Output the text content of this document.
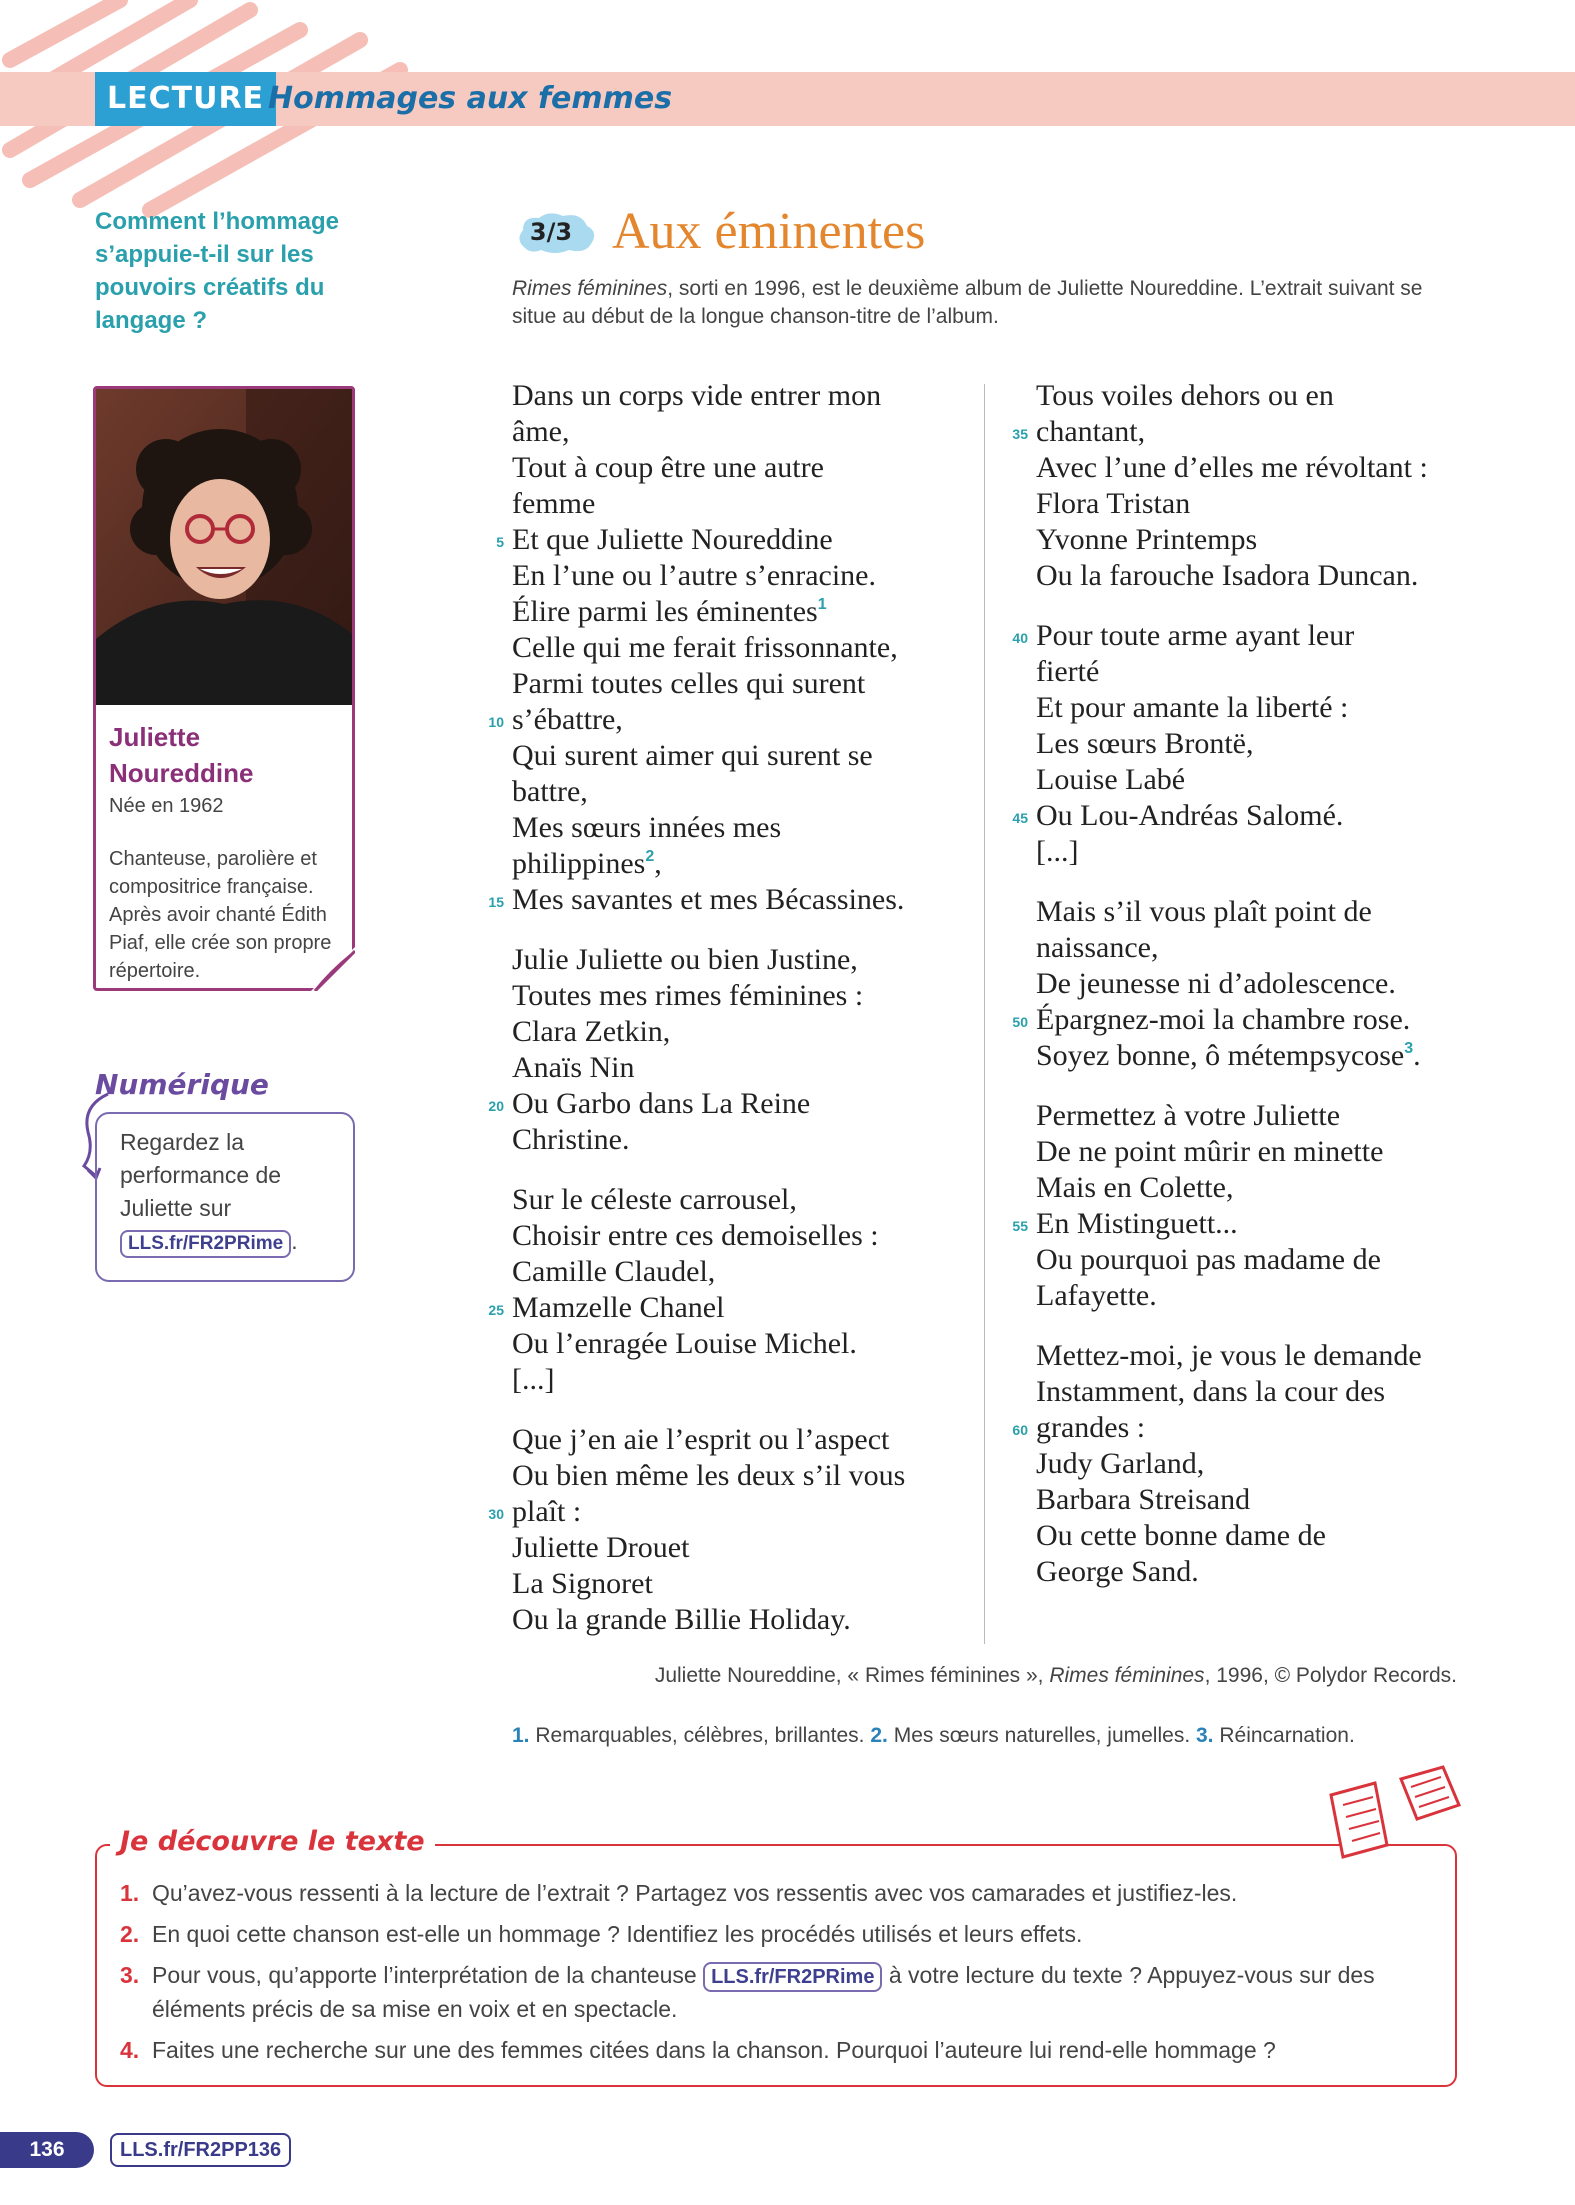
LECTURE Hommages aux femmes
Comment l’hommage s’appuie-t-il sur les pouvoirs créatifs du langage ?
Juliette Noureddine
Née en 1962
Chanteuse, parolière et compositrice française. Après avoir chanté Édith Piaf, elle crée son propre répertoire.
Numérique
Regardez la performance de Juliette sur LLS.fr/FR2PRime .
3/3 Aux éminentes
Rimes féminines, sorti en 1996, est le deuxième album de Juliette Noureddine. L’extrait suivant se situe au début de la longue chanson-titre de l’album.
Dans un corps vide entrer mon
âme,
Tout à coup être une autre
femme
5 Et que Juliette Noureddine
En l’une ou l’autre s’enracine.
Élire parmi les éminentes$^1$
Celle qui me ferait frissonnante,
Parmi toutes celles qui surent
10 s’ébattre,
Qui surent aimer qui surent se
battre,
Mes sœurs innées mes
philippines$^2$,
15 Mes savantes et mes Bécassines.
Julie Juliette ou bien Justine,
Toutes mes rimes féminines :
Clara Zetkin,
Anaïs Nin
20 Ou Garbo dans La Reine
Christine.
Sur le céleste carrousel,
Choisir entre ces demoiselles :
Camille Claudel,
25 Mamzelle Chanel
Ou l’enragée Louise Michel.
[...]
Que j’en aie l’esprit ou l’aspect
Ou bien même les deux s’il vous
30 plaît :
Juliette Drouet
La Signoret
Ou la grande Billie Holiday.
Tous voiles dehors ou en
35 chantant,
Avec l’une d’elles me révoltant :
Flora Tristan
Yvonne Printemps
Ou la farouche Isadora Duncan.
40 Pour toute arme ayant leur
fierté
Et pour amante la liberté :
Les sœurs Brontë,
Louise Labé
45 Ou Lou-Andréas Salomé.
[...]
Mais s’il vous plaît point de
naissance,
De jeunesse ni d’adolescence.
50 Épargnez-moi la chambre rose.
Soyez bonne, ô métempsycose$^3$.
Permettez à votre Juliette
De ne point mûrir en minette
Mais en Colette,
55 En Mistinguett...
Ou pourquoi pas madame de
Lafayette.
Mettez-moi, je vous le demande
Instamment, dans la cour des
60 grandes :
Judy Garland,
Barbara Streisand
Ou cette bonne dame de
George Sand.
Juliette Noureddine, « Rimes féminines », Rimes féminines, 1996, © Polydor Records.
1. Remarquables, célèbres, brillantes. 2. Mes sœurs naturelles, jumelles. 3. Réincarnation.
Je découvre le texte
1. Qu’avez-vous ressenti à la lecture de l’extrait ? Partagez vos ressentis avec vos camarades et justifiez-les.
2. En quoi cette chanson est-elle un hommage ? Identifiez les procédés utilisés et leurs effets.
3. Pour vous, qu’apporte l’interprétation de la chanteuse LLS.fr/FR2PRime à votre lecture du texte ? Appuyez-vous sur des éléments précis de sa mise en voix et en spectacle.
4. Faites une recherche sur une des femmes citées dans la chanson. Pourquoi l’auteure lui rend-elle hommage ?
136	LLS.fr/FR2PP136
